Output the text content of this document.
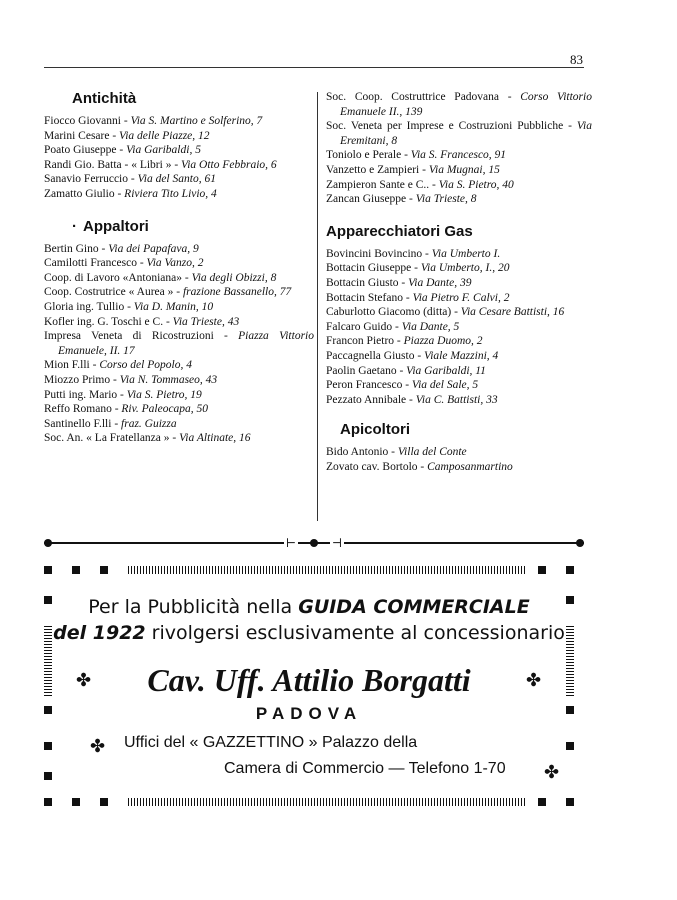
83
Antichità

Fiocco Giovanni - Via S. Martino e Solferino, 7

Marini Cesare - Via delle Piazze, 12

Poato Giuseppe - Via Garibaldi, 5

Randi Gio. Batta - « Libri » - Via Otto Febbraio, 6

Sanavio Ferruccio - Via del Santo, 61

Zamatto Giulio - Riviera Tito Livio, 4

· Appaltori

Bertin Gino - Via dei Papafava, 9

Camilotti Francesco - Via Vanzo, 2

Coop. di Lavoro «Antoniana» - Via degli Obizzi, 8

Coop. Costrutrice « Aurea » - frazione Bassanello, 77

Gloria ing. Tullio - Via D. Manin, 10

Kofler ing. G. Toschi e C. - Via Trieste, 43

Impresa Veneta di Ricostruzioni - Piazza Vittorio Emanuele, II. 17

Mion F.lli - Corso del Popolo, 4

Miozzo Primo - Via N. Tommaseo, 43

Putti ing. Mario - Via S. Pietro, 19

Reffo Romano - Riv. Paleocapa, 50

Santinello F.lli - fraz. Guizza

Soc. An. « La Fratellanza » - Via Altinate, 16

Soc. Coop. Costruttrice Padovana - Corso Vittorio Emanuele II., 139

Soc. Veneta per Imprese e Costruzioni Pubbliche - Via Eremitani, 8

Toniolo e Perale - Via S. Francesco, 91

Vanzetto e Zampieri - Via Mugnai, 15

Zampieron Sante e C.. - Via S. Pietro, 40

Zancan Giuseppe - Via Trieste, 8

Apparecchiatori Gas

Bovincini Bovincino - Via Umberto I.

Bottacin Giuseppe - Via Umberto, I., 20

Bottacin Giusto - Via Dante, 39

Bottacin Stefano - Via Pietro F. Calvi, 2

Caburlotto Giacomo (ditta) - Via Cesare Battisti, 16

Falcaro Guido - Via Dante, 5

Francon Pietro - Piazza Duomo, 2

Paccagnella Giusto - Viale Mazzini, 4

Paolin Gaetano - Via Garibaldi, 11

Peron Francesco - Via del Sale, 5

Pezzato Annibale - Via C. Battisti, 33

Apicoltori

Bido Antonio - Villa del Conte

Zovato cav. Bortolo - Camposanmartino

⊢	⊣
Per la Pubblicità nella GUIDA COMMERCIALE
del 1922 rivolgersi esclusivamente al concessionario
✤	Cav. Uff. Attilio Borgatti	✤
PADOVA
✤ Uffici del « GAZZETTINO » Palazzo della
Camera di Commercio — Telefono 1-70 ✤
